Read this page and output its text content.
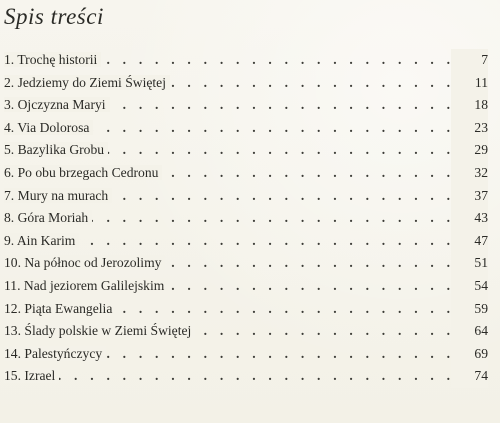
Spis treści
1. Trochę historii . . .	7
2. Jedziemy do Ziemi Świętej . . .	11
3. Ojczyzna Maryi . . .	18
4. Via Dolorosa . . .	23
5. Bazylika Grobu . . .	29
6. Po obu brzegach Cedronu . . .	32
7. Mury na murach . . .	37
8. Góra Moriah . . .	43
9. Ain Karim . . .	47
10. Na północ od Jerozolimy . . .	51
11. Nad jeziorem Galilejskim . . .	54
12. Piąta Ewangelia . . .	59
13. Ślady polskie w Ziemi Świętej . . .	64
14. Palestyńczycy . . .	69
15. Izrael . . .	74
